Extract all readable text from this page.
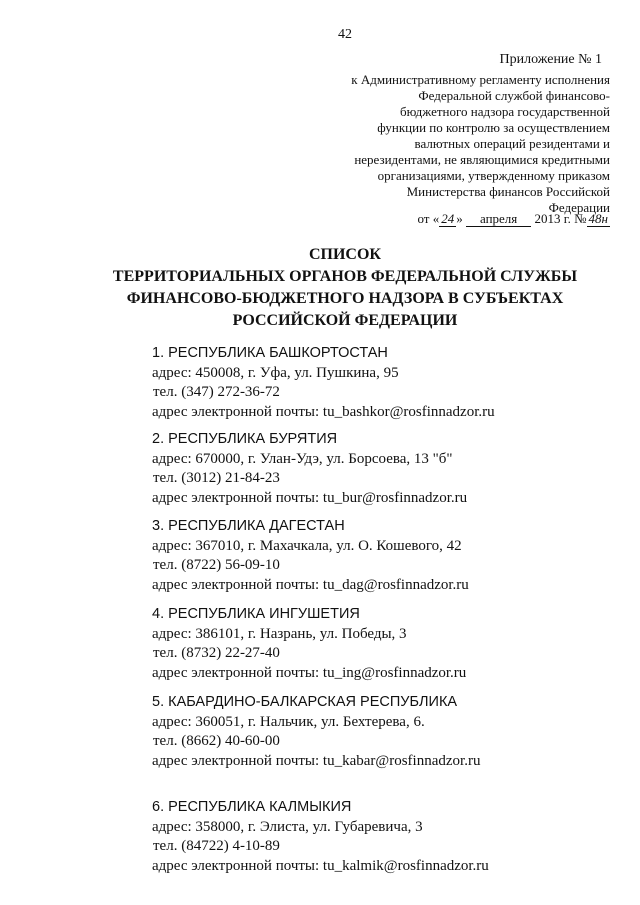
42
Приложение № 1
к Административному регламенту исполнения
Федеральной службой финансово-
бюджетного надзора государственной
функции по контролю за осуществлением
валютных операций резидентами и
нерезидентами, не являющимися кредитными
организациями, утвержденному приказом
Министерства финансов Российской
Федерации
от « 24 » апреля 2013 г. № 48н
СПИСОК
ТЕРРИТОРИАЛЬНЫХ ОРГАНОВ ФЕДЕРАЛЬНОЙ СЛУЖБЫ
ФИНАНСОВО-БЮДЖЕТНОГО НАДЗОРА В СУБЪЕКТАХ
РОССИЙСКОЙ ФЕДЕРАЦИИ
1. РЕСПУБЛИКА БАШКОРТОСТАН
адрес: 450008, г. Уфа, ул. Пушкина, 95
тел. (347) 272-36-72
адрес электронной почты: tu_bashkor@rosfinnadzor.ru
2. РЕСПУБЛИКА БУРЯТИЯ
адрес: 670000, г. Улан-Удэ, ул. Борсоева, 13 "б"
тел. (3012) 21-84-23
адрес электронной почты: tu_bur@rosfinnadzor.ru
3. РЕСПУБЛИКА ДАГЕСТАН
адрес: 367010, г. Махачкала, ул. О. Кошевого, 42
тел. (8722) 56-09-10
адрес электронной почты: tu_dag@rosfinnadzor.ru
4. РЕСПУБЛИКА ИНГУШЕТИЯ
адрес: 386101, г. Назрань, ул. Победы, 3
тел. (8732) 22-27-40
адрес электронной почты: tu_ing@rosfinnadzor.ru
5. КАБАРДИНО-БАЛКАРСКАЯ РЕСПУБЛИКА
адрес: 360051, г. Нальчик, ул. Бехтерева, 6.
тел. (8662) 40-60-00
адрес электронной почты: tu_kabar@rosfinnadzor.ru
6. РЕСПУБЛИКА КАЛМЫКИЯ
адрес: 358000, г. Элиста, ул. Губаревича, 3
тел. (84722) 4-10-89
адрес электронной почты: tu_kalmik@rosfinnadzor.ru
